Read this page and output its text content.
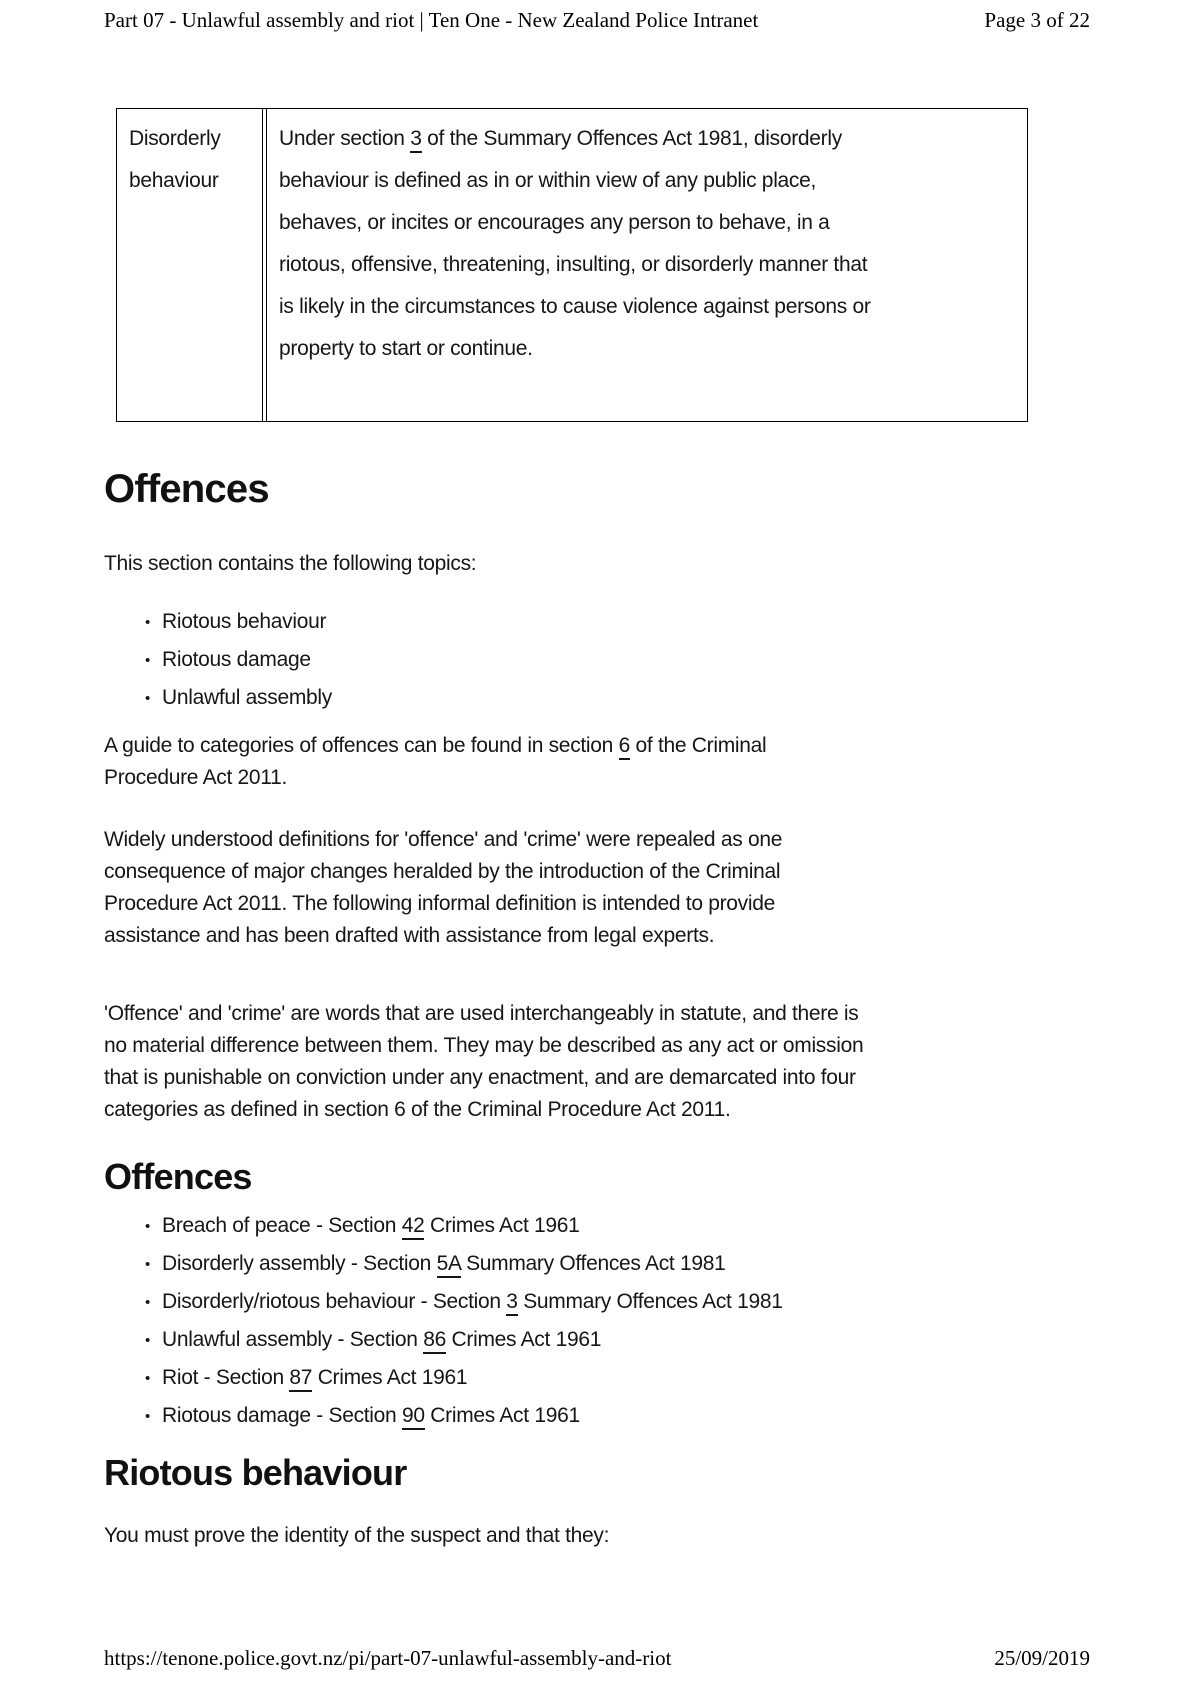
Part 07 - Unlawful assembly and riot | Ten One - New Zealand Police Intranet	Page 3 of 22
Disorderly
behaviour
Under section 3 of the Summary Offences Act 1981, disorderly
behaviour is defined as in or within view of any public place,
behaves, or incites or encourages any person to behave, in a
riotous, offensive, threatening, insulting, or disorderly manner that
is likely in the circumstances to cause violence against persons or
property to start or continue.
Offences
This section contains the following topics:
• Riotous behaviour
• Riotous damage
• Unlawful assembly
A guide to categories of offences can be found in section 6 of the Criminal
Procedure Act 2011.
Widely understood definitions for 'offence' and 'crime' were repealed as one
consequence of major changes heralded by the introduction of the Criminal
Procedure Act 2011. The following informal definition is intended to provide
assistance and has been drafted with assistance from legal experts.
'Offence' and 'crime' are words that are used interchangeably in statute, and there is
no material difference between them. They may be described as any act or omission
that is punishable on conviction under any enactment, and are demarcated into four
categories as defined in section 6 of the Criminal Procedure Act 2011.
Offences
• Breach of peace - Section 42 Crimes Act 1961
• Disorderly assembly - Section 5A Summary Offences Act 1981
• Disorderly/riotous behaviour - Section 3 Summary Offences Act 1981
• Unlawful assembly - Section 86 Crimes Act 1961
• Riot - Section 87 Crimes Act 1961
• Riotous damage - Section 90 Crimes Act 1961
Riotous behaviour
You must prove the identity of the suspect and that they:
https://tenone.police.govt.nz/pi/part-07-unlawful-assembly-and-riot	25/09/2019
